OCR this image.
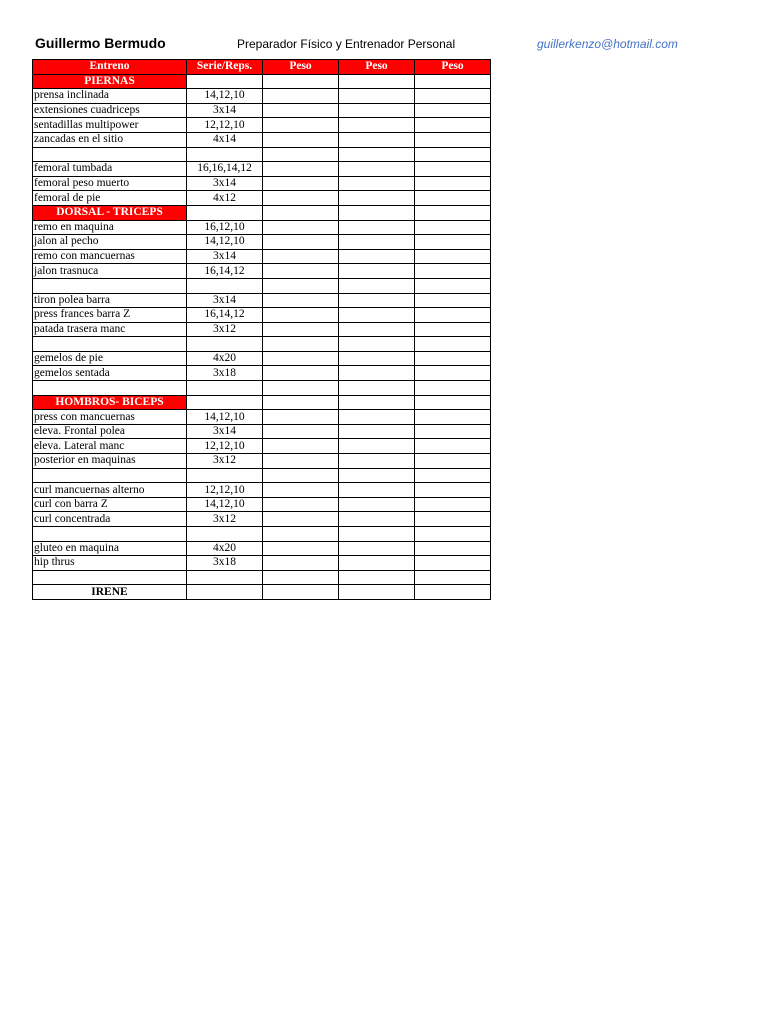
Guillermo Bermudo	Preparador Físico y Entrenador Personal	guillerkenzo@hotmail.com
Entreno	Serie/Reps.	Peso	Peso	Peso
PIERNAS				
prensa inclinada	14,12,10			
extensiones cuadriceps	3x14			
sentadillas multipower	12,12,10			
zancadas en el sitio	4x14			

femoral tumbada	16,16,14,12			
femoral peso muerto	3x14			
femoral de pie	4x12			
DORSAL - TRICEPS				
remo en maquina	16,12,10			
jalon al pecho	14,12,10			
remo con mancuernas	3x14			
jalon trasnuca	16,14,12			

tiron polea barra	3x14			
press frances barra Z	16,14,12			
patada trasera manc	3x12			

gemelos de pie	4x20			
gemelos sentada	3x18			

HOMBROS- BICEPS				
press con mancuernas	14,12,10			
eleva. Frontal polea	3x14			
eleva. Lateral manc	12,12,10			
posterior en maquinas	3x12			

curl mancuernas alterno	12,12,10			
curl con barra Z	14,12,10			
curl concentrada	3x12			

gluteo en maquina	4x20			
hip thrus	3x18			

IRENE				
